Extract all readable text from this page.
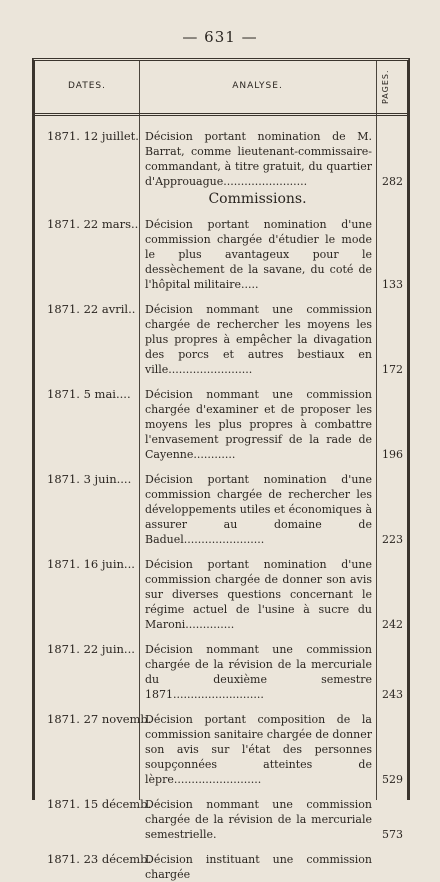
— 631 —
DATES.	ANALYSE.	PAGES.
1871. 12 juillet. Décision portant nomination de M. Barrat, comme lieutenant-commissaire-commandant, à titre gratuit, du quartier d'Approuague........................	282
Commissions.
1871. 22 mars.. Décision portant nomination d'une commission chargée d'étudier le mode le plus avantageux pour le dessèchement de la savane, du coté de l'hôpital militaire.....	133
1871. 22 avril.. Décision nommant une commission chargée de rechercher les moyens les plus propres à empêcher la divagation des porcs et autres bestiaux en ville........................	172
1871. 5 mai....	Décision nommant une commission chargée d'examiner et de proposer les moyens les plus propres à combattre l'envasement progressif de la rade de Cayenne............	196
1871. 3 juin....	Décision portant nomination d'une commission chargée de rechercher les développements utiles et économiques à assurer au domaine de Baduel.......................	223
1871. 16 juin... Décision portant nomination d'une commission chargée de donner son avis sur diverses questions concernant le régime actuel de l'usine à sucre du Maroni..............	242
1871. 22 juin... Décision nommant une commission chargée de la révision de la mercuriale du deuxième semestre 1871..........................	243
1871. 27 novemb.
Décision portant composition de la commission sanitaire chargée de donner son avis sur l'état des personnes soupçonnées atteintes de lèpre.........................	529
1871. 15 décemb.
Décision nommant une commission chargée de la révision de la mercuriale semestrielle.	573
1871. 23 décemb.
Décision instituant une commission chargée
